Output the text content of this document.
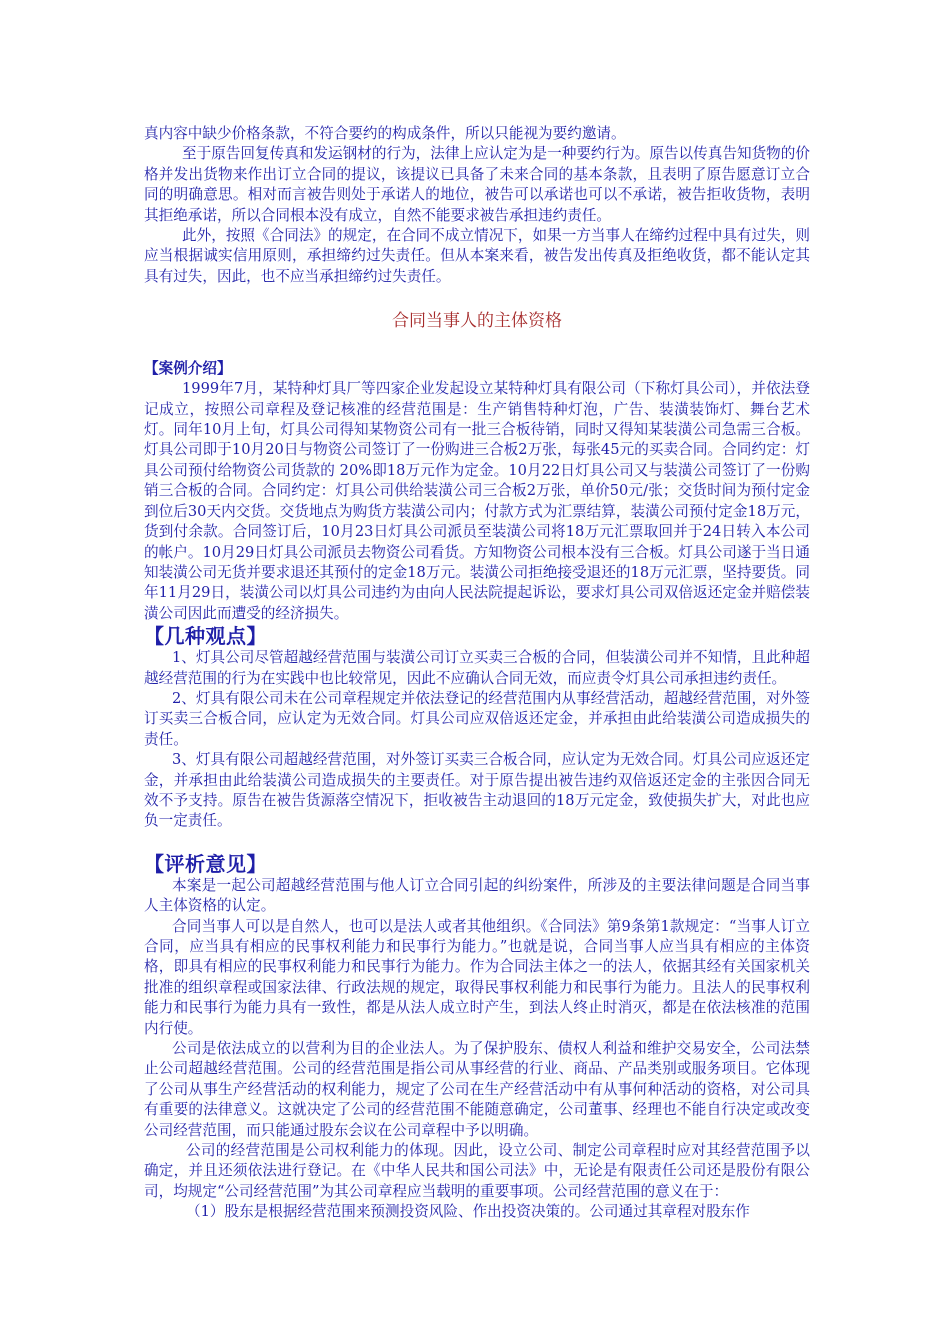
真内容中缺少价格条款，不符合要约的构成条件，所以只能视为要约邀请。

至于原告回复传真和发运钢材的行为，法律上应认定为是一种要约行为。原告以传真告知货物的价格并发出货物来作出订立合同的提议，该提议已具备了未来合同的基本条款，且表明了原告愿意订立合同的明确意思。相对而言被告则处于承诺人的地位，被告可以承诺也可以不承诺，被告拒收货物，表明其拒绝承诺，所以合同根本没有成立，自然不能要求被告承担违约责任。

此外，按照《合同法》的规定，在合同不成立情况下，如果一方当事人在缔约过程中具有过失，则应当根据诚实信用原则，承担缔约过失责任。但从本案来看，被告发出传真及拒绝收货，都不能认定其具有过失，因此，也不应当承担缔约过失责任。

合同当事人的主体资格
【案例介绍】

1999年7月，某特种灯具厂等四家企业发起设立某特种灯具有限公司（下称灯具公司），并依法登记成立，按照公司章程及登记核准的经营范围是：生产销售特种灯泡，广告、装潢装饰灯、舞台艺术灯。同年10月上旬，灯具公司得知某物资公司有一批三合板待销，同时又得知某装潢公司急需三合板。灯具公司即于10月20日与物资公司签订了一份购进三合板2万张，每张45元的买卖合同。合同约定：灯具公司预付给物资公司货款的 20%即18万元作为定金。10月22日灯具公司又与装潢公司签订了一份购销三合板的合同。合同约定：灯具公司供给装潢公司三合板2万张，单价50元/张；交货时间为预付定金到位后30天内交货。交货地点为购货方装潢公司内；付款方式为汇票结算，装潢公司预付定金18万元，货到付余款。合同签订后，10月23日灯具公司派员至装潢公司将18万元汇票取回并于24日转入本公司的帐户。10月29日灯具公司派员去物资公司看货。方知物资公司根本没有三合板。灯具公司遂于当日通知装潢公司无货并要求退还其预付的定金18万元。装潢公司拒绝接受退还的18万元汇票，坚持要货。同年11月29日，装潢公司以灯具公司违约为由向人民法院提起诉讼，要求灯具公司双倍返还定金并赔偿装潢公司因此而遭受的经济损失。

【几种观点】

1、灯具公司尽管超越经营范围与装潢公司订立买卖三合板的合同，但装潢公司并不知情，且此种超越经营范围的行为在实践中也比较常见，因此不应确认合同无效，而应责令灯具公司承担违约责任。

2、灯具有限公司未在公司章程规定并依法登记的经营范围内从事经营活动，超越经营范围，对外签订买卖三合板合同，应认定为无效合同。灯具公司应双倍返还定金，并承担由此给装潢公司造成损失的责任。

3、灯具有限公司超越经营范围，对外签订买卖三合板合同，应认定为无效合同。灯具公司应返还定金，并承担由此给装潢公司造成损失的主要责任。对于原告提出被告违约双倍返还定金的主张因合同无效不予支持。原告在被告货源落空情况下，拒收被告主动退回的18万元定金，致使损失扩大，对此也应负一定责任。

【评析意见】

本案是一起公司超越经营范围与他人订立合同引起的纠纷案件，所涉及的主要法律问题是合同当事人主体资格的认定。

合同当事人可以是自然人，也可以是法人或者其他组织。《合同法》第9条第1款规定：“当事人订立合同，应当具有相应的民事权利能力和民事行为能力。”也就是说，合同当事人应当具有相应的主体资格，即具有相应的民事权利能力和民事行为能力。作为合同法主体之一的法人，依据其经有关国家机关批准的组织章程或国家法律、行政法规的规定，取得民事权利能力和民事行为能力。且法人的民事权利能力和民事行为能力具有一致性，都是从法人成立时产生，到法人终止时消灭，都是在依法核准的范围内行使。

公司是依法成立的以营利为目的企业法人。为了保护股东、债权人利益和维护交易安全，公司法禁止公司超越经营范围。公司的经营范围是指公司从事经营的行业、商品、产品类别或服务项目。它体现了公司从事生产经营活动的权利能力，规定了公司在生产经营活动中有从事何种活动的资格，对公司具有重要的法律意义。这就决定了公司的经营范围不能随意确定，公司董事、经理也不能自行决定或改变公司经营范围，而只能通过股东会议在公司章程中予以明确。

公司的经营范围是公司权利能力的体现。因此，设立公司、制定公司章程时应对其经营范围予以确定，并且还须依法进行登记。在《中华人民共和国公司法》中，无论是有限责任公司还是股份有限公司，均规定“公司经营范围”为其公司章程应当载明的重要事项。公司经营范围的意义在于：

（1）股东是根据经营范围来预测投资风险、作出投资决策的。公司通过其章程对股东作
